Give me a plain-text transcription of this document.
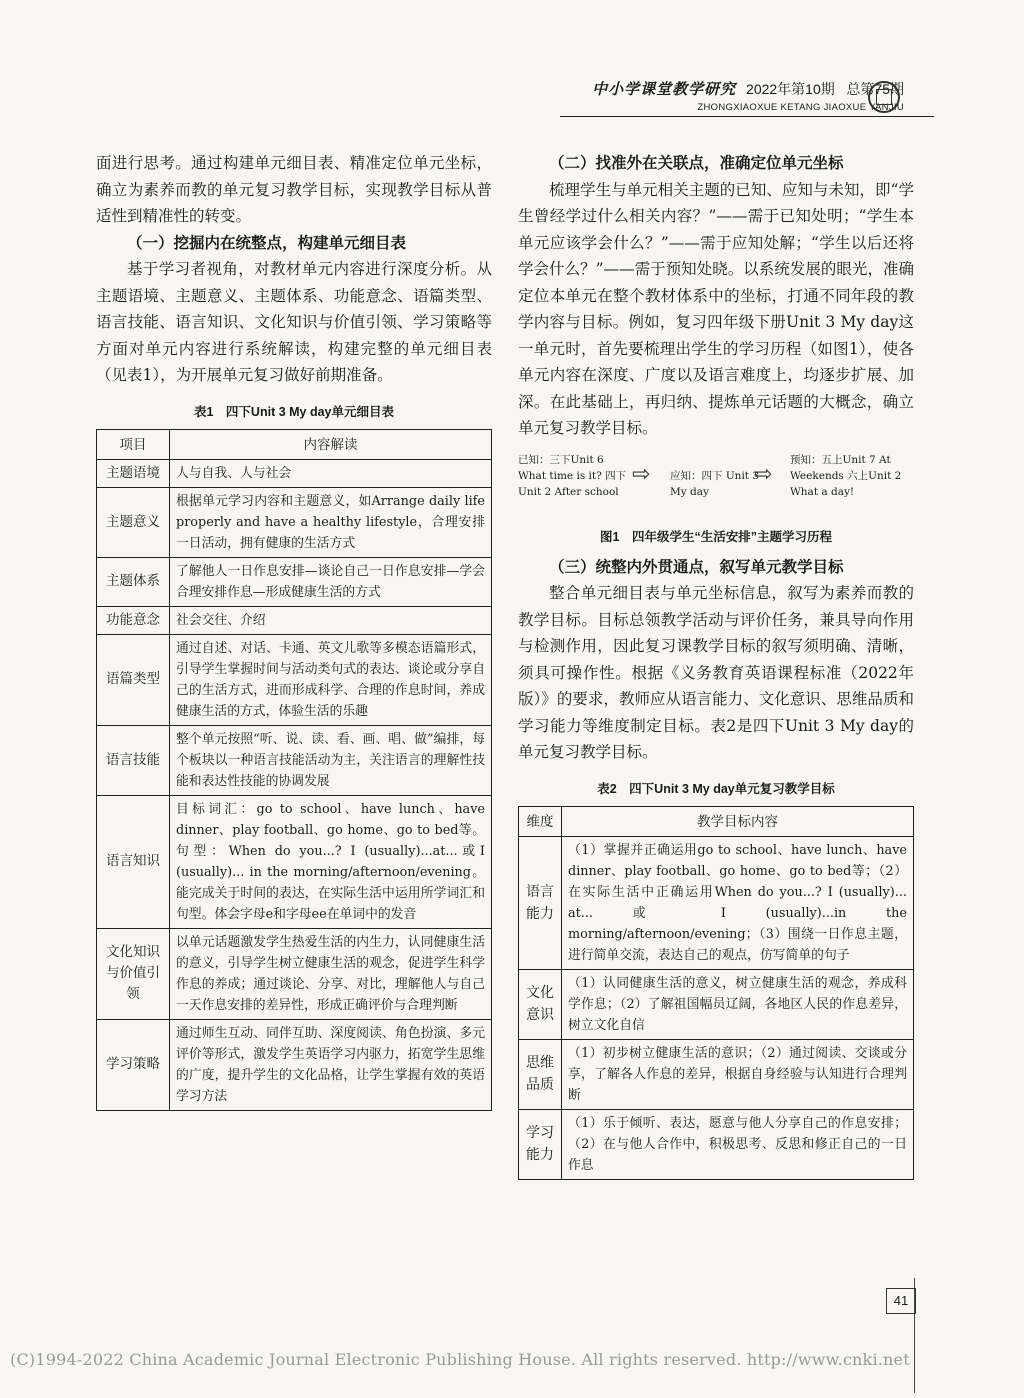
中小学课堂教学研究 2022年第10期 总第75期
ZHONGXIAOXUE KETANG JIAOXUE YANJIU

面进行思考。通过构建单元细目表、精准定位单元坐标，确立为素养而教的单元复习教学目标，实现教学目标从普适性到精准性的转变。

（一）挖掘内在统整点，构建单元细目表

基于学习者视角，对教材单元内容进行深度分析。从主题语境、主题意义、主题体系、功能意念、语篇类型、语言技能、语言知识、文化知识与价值引领、学习策略等方面对单元内容进行系统解读，构建完整的单元细目表（见表1），为开展单元复习做好前期准备。

表1　四下Unit 3 My day单元细目表
项目	内容解读
主题语境	人与自我、人与社会
主题意义	根据单元学习内容和主题意义，如Arrange daily life properly and have a healthy lifestyle，合理安排一日活动，拥有健康的生活方式
主题体系	了解他人一日作息安排—谈论自己一日作息安排—学会合理安排作息—形成健康生活的方式
功能意念	社会交往、介绍
语篇类型	通过自述、对话、卡通、英文儿歌等多模态语篇形式，引导学生掌握时间与活动类句式的表达、谈论或分享自己的生活方式，进而形成科学、合理的作息时间，养成健康生活的方式，体验生活的乐趣
语言技能	整个单元按照“听、说、读、看、画、唱、做”编排，每个板块以一种语言技能活动为主，关注语言的理解性技能和表达性技能的协调发展
语言知识	目标词汇：go to school、have lunch、have dinner、play football、go home、go to bed等。句型：When do you...? I (usually)...at...或I (usually)... in the morning/afternoon/evening。能完成关于时间的表达，在实际生活中运用所学词汇和句型。体会字母e和字母ee在单词中的发音
文化知识与价值引领	以单元话题激发学生热爱生活的内生力，认同健康生活的意义，引导学生树立健康生活的观念，促进学生科学作息的养成；通过谈论、分享、对比，理解他人与自己一天作息安排的差异性，形成正确评价与合理判断
学习策略	通过师生互动、同伴互助、深度阅读、角色扮演、多元评价等形式，激发学生英语学习内驱力，拓宽学生思维的广度，提升学生的文化品格，让学生掌握有效的英语学习方法

（二）找准外在关联点，准确定位单元坐标

梳理学生与单元相关主题的已知、应知与未知，即“学生曾经学过什么相关内容？”——需于已知处明；“学生本单元应该学会什么？”——需于应知处解；“学生以后还将学会什么？”——需于预知处晓。以系统发展的眼光，准确定位本单元在整个教材体系中的坐标，打通不同年段的教学内容与目标。例如，复习四年级下册Unit 3 My day这一单元时，首先要梳理出学生的学习历程（如图1），使各单元内容在深度、广度以及语言难度上，均逐步扩展、加深。在此基础上，再归纳、提炼单元话题的大概念，确立单元复习教学目标。

已知：三下Unit 6 What time is it? 四下Unit 2 After school
⇨ 应知：四下 Unit 3 My day
⇨
预知：五上Unit 7 At Weekends 六上Unit 2 What a day!
图1　四年级学生“生活安排”主题学习历程

（三）统整内外贯通点，叙写单元教学目标

整合单元细目表与单元坐标信息，叙写为素养而教的教学目标。目标总领教学活动与评价任务，兼具导向作用与检测作用，因此复习课教学目标的叙写须明确、清晰，须具可操作性。根据《义务教育英语课程标准（2022年版）》的要求，教师应从语言能力、文化意识、思维品质和学习能力等维度制定目标。表2是四下Unit 3 My day的单元复习教学目标。

表2　四下Unit 3 My day单元复习教学目标
维度	教学目标内容
语言能力	（1）掌握并正确运用go to school、have lunch、have dinner、play football、go home、go to bed等；（2）在实际生活中正确运用When do you...? I (usually)... at... 或 I (usually)...in the morning/afternoon/evening；（3）围绕一日作息主题，进行简单交流，表达自己的观点，仿写简单的句子
文化意识	（1）认同健康生活的意义，树立健康生活的观念，养成科学作息；（2）了解祖国幅员辽阔，各地区人民的作息差异，树立文化自信
思维品质	（1）初步树立健康生活的意识；（2）通过阅读、交谈或分享，了解各人作息的差异，根据自身经验与认知进行合理判断
学习能力	（1）乐于倾听、表达，愿意与他人分享自己的作息安排；（2）在与他人合作中，积极思考、反思和修正自己的一日作息
41
(C)1994-2022 China Academic Journal Electronic Publishing House. All rights reserved. http://www.cnki.net
